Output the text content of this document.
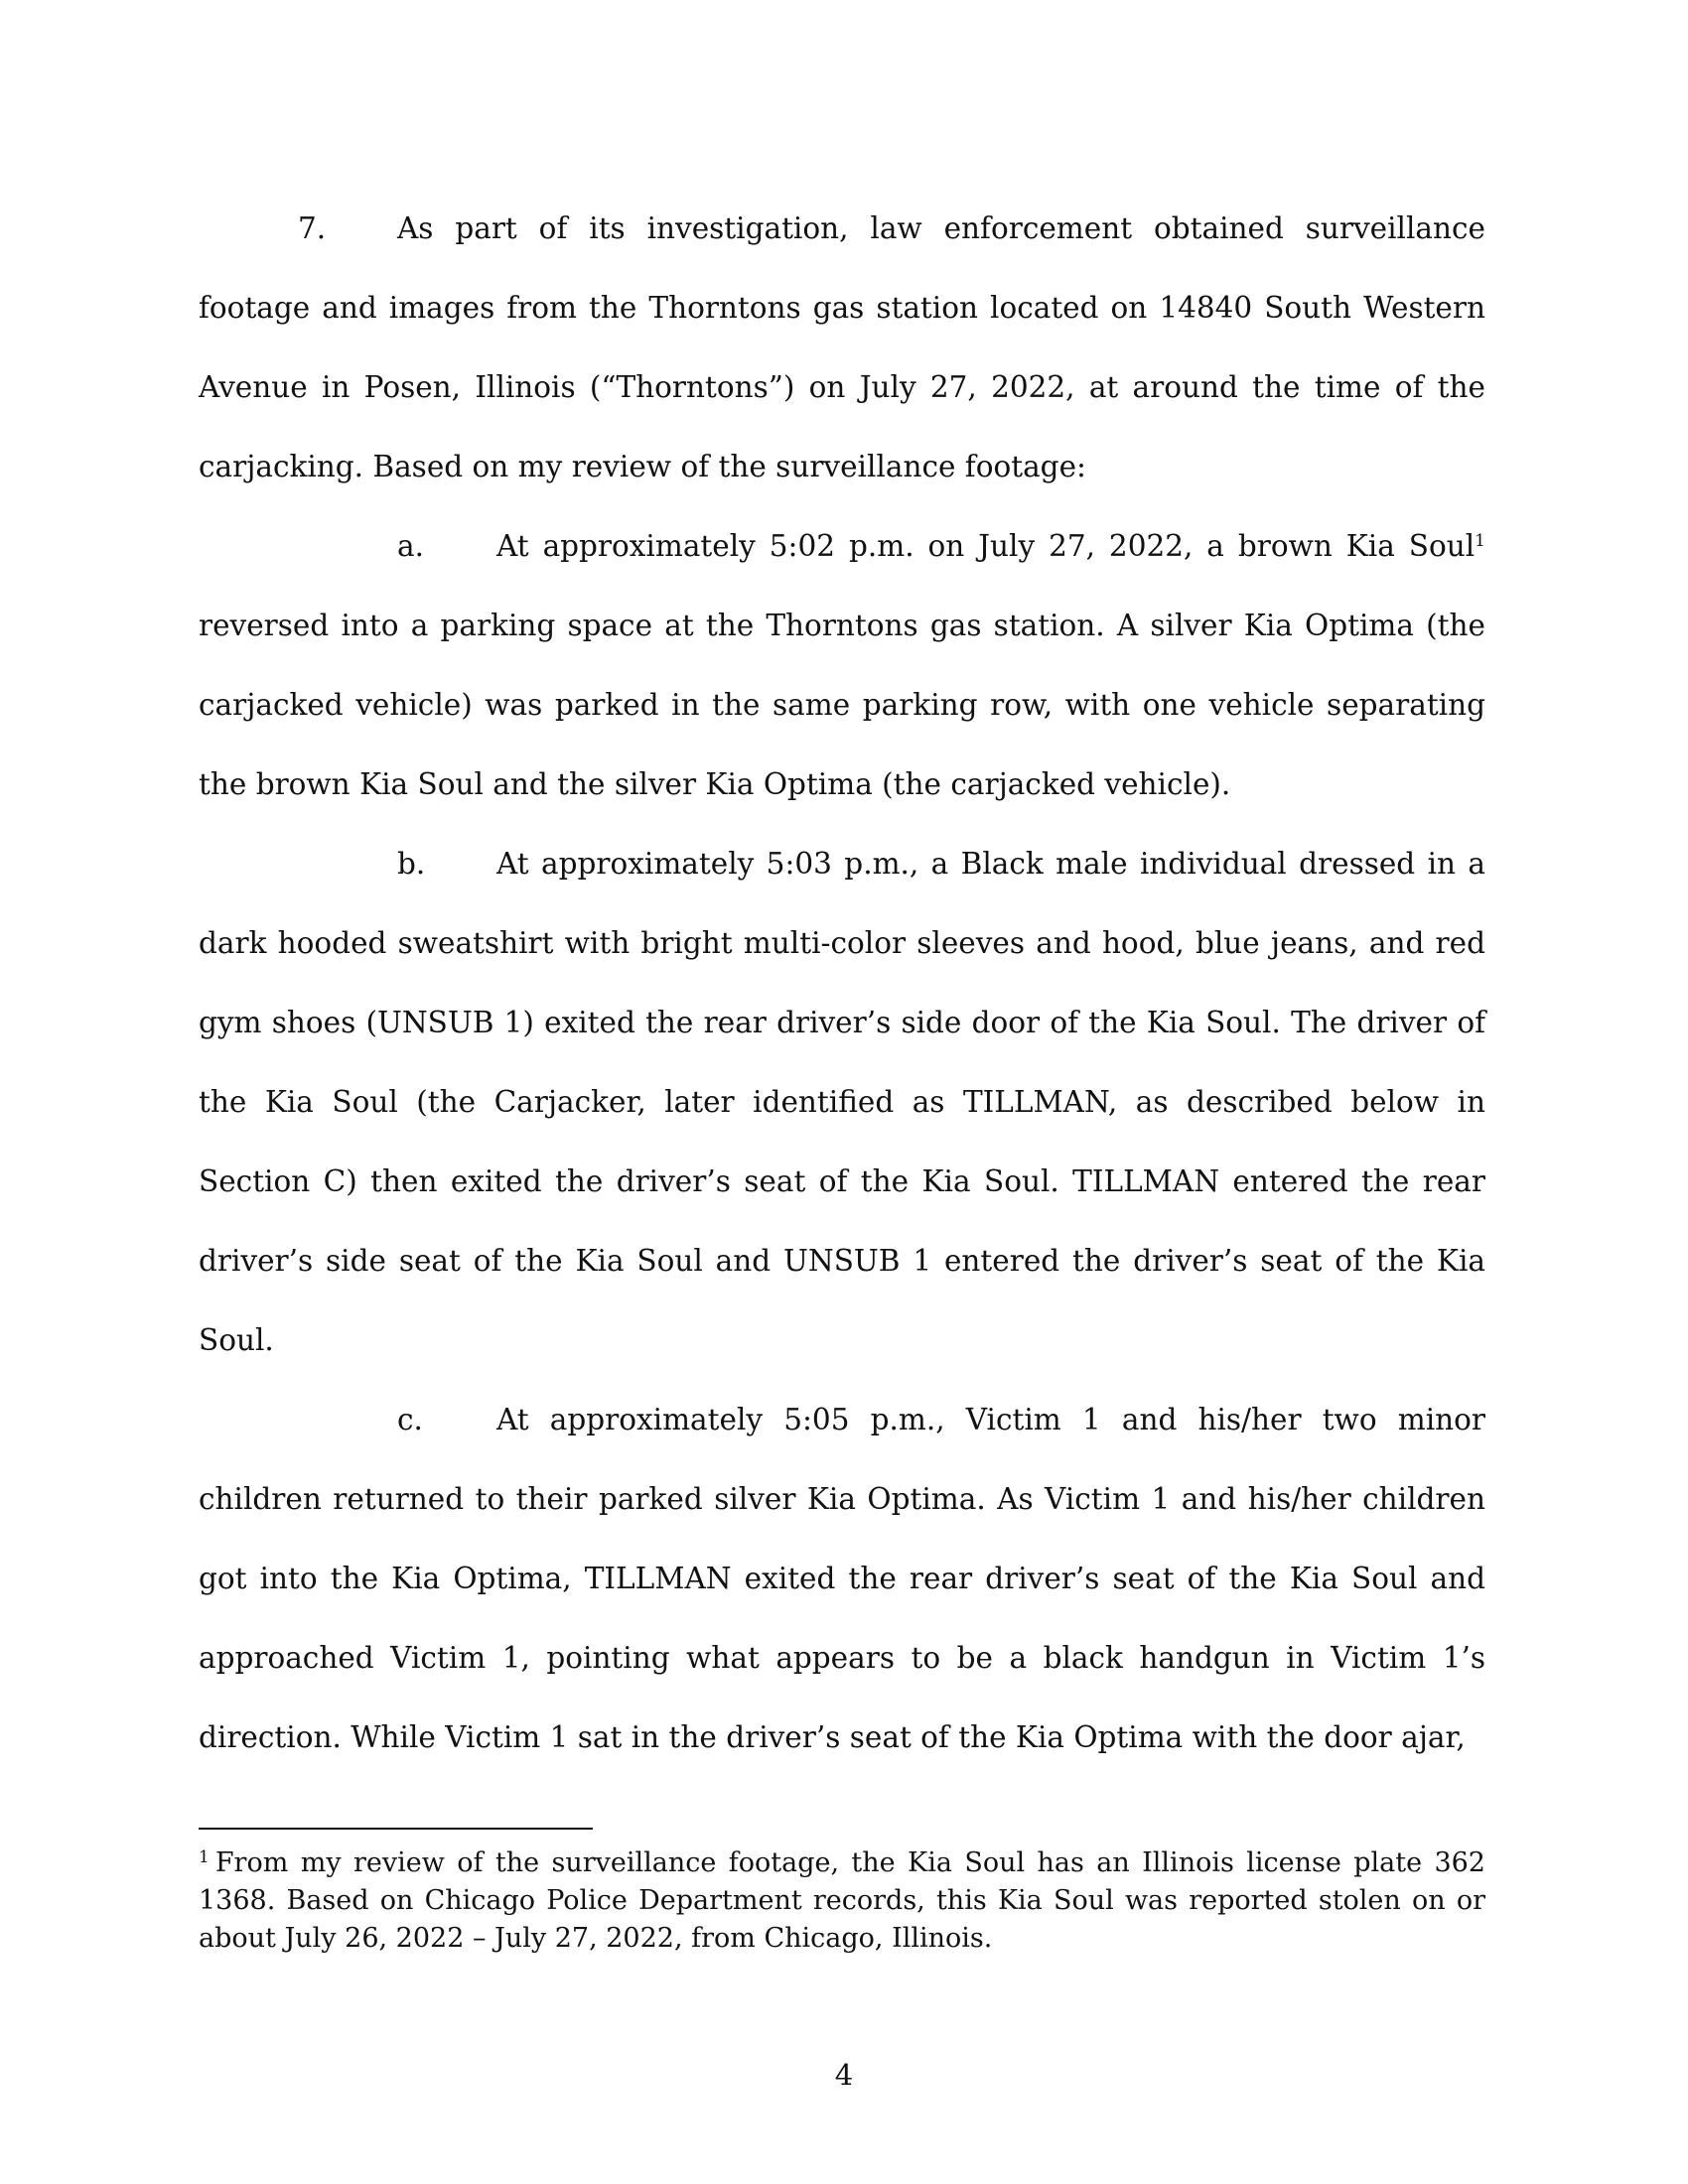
7. As part of its investigation, law enforcement obtained surveillance footage and images from the Thorntons gas station located on 14840 South Western Avenue in Posen, Illinois (“Thorntons”) on July 27, 2022, at around the time of the carjacking. Based on my review of the surveillance footage:

a. At approximately 5:02 p.m. on July 27, 2022, a brown Kia Soul$^1$ reversed into a parking space at the Thorntons gas station. A silver Kia Optima (the carjacked vehicle) was parked in the same parking row, with one vehicle separating the brown Kia Soul and the silver Kia Optima (the carjacked vehicle).

b. At approximately 5:03 p.m., a Black male individual dressed in a dark hooded sweatshirt with bright multi-color sleeves and hood, blue jeans, and red gym shoes (UNSUB 1) exited the rear driver’s side door of the Kia Soul. The driver of the Kia Soul (the Carjacker, later identified as TILLMAN, as described below in Section C) then exited the driver’s seat of the Kia Soul. TILLMAN entered the rear driver’s side seat of the Kia Soul and UNSUB 1 entered the driver’s seat of the Kia Soul.

c.	At approximately 5:05 p.m., Victim 1 and his/her two minor children returned to their parked silver Kia Optima. As Victim 1 and his/her children got into the Kia Optima, TILLMAN exited the rear driver’s seat of the Kia Soul and approached Victim 1, pointing what appears to be a black handgun in Victim 1’s direction. While Victim 1 sat in the driver’s seat of the Kia Optima with the door ajar,

$^1$ From my review of the surveillance footage, the Kia Soul has an Illinois license plate 362 1368. Based on Chicago Police Department records, this Kia Soul was reported stolen on or about July 26, 2022 – July 27, 2022, from Chicago, Illinois.

4
